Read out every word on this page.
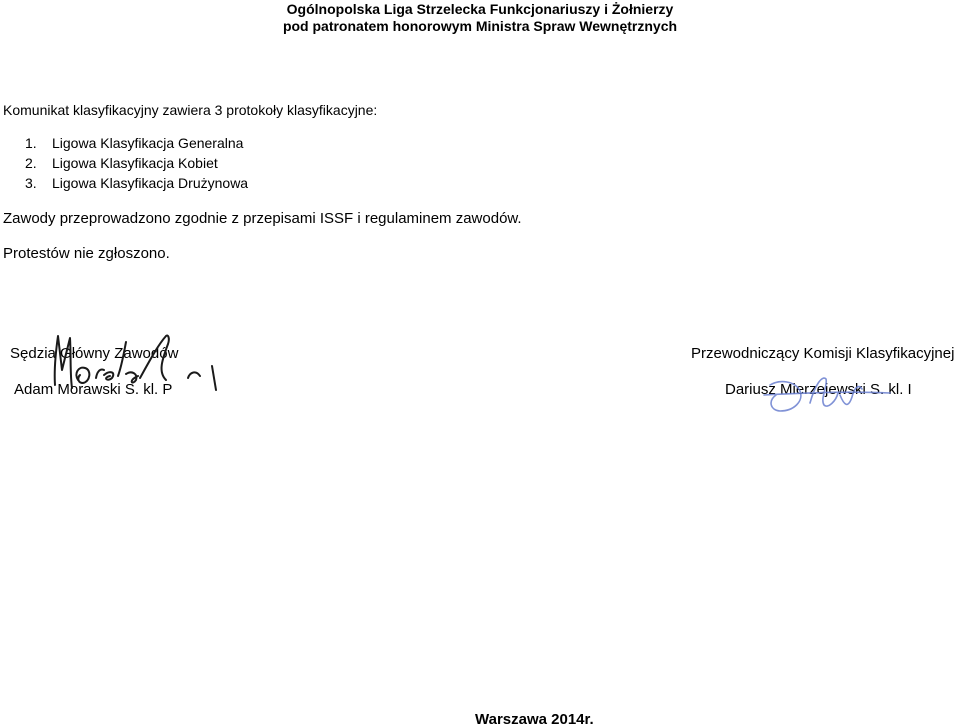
Ogólnopolska Liga Strzelecka Funkcjonariuszy i Żołnierzy
pod patronatem honorowym Ministra Spraw Wewnętrznych
Komunikat klasyfikacyjny zawiera 3 protokoły klasyfikacyjne:
1. Ligowa Klasyfikacja Generalna
2. Ligowa Klasyfikacja Kobiet
3. Ligowa Klasyfikacja Drużynowa
Zawody przeprowadzono zgodnie z przepisami ISSF i regulaminem zawodów.
Protestów nie zgłoszono.
Sędzia Główny Zawodów
Adam Morawski S. kl. P
Przewodniczący Komisji Klasyfikacyjnej
Dariusz Mierzejewski S. kl. I
Warszawa 2014r.
